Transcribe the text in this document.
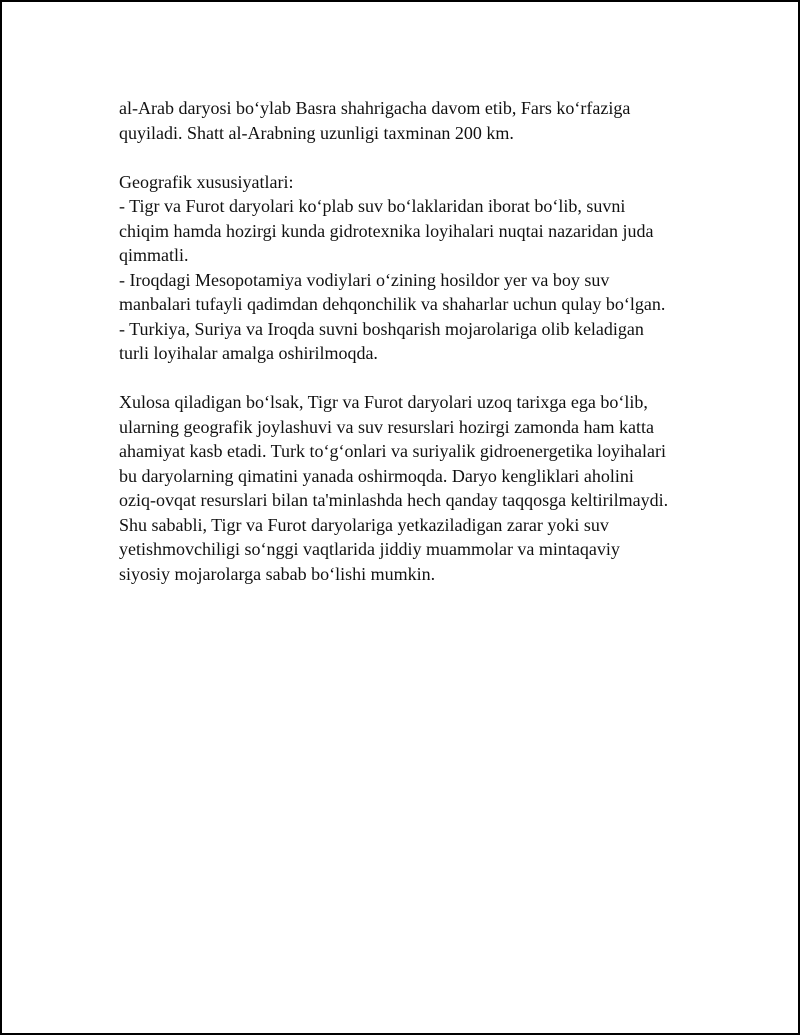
al-Arab daryosi boʻylab Basra shahrigacha davom etib, Fars koʻrfaziga
quyiladi. Shatt al-Arabning uzunligi taxminan 200 km.
Geografik xususiyatlari:
- Tigr va Furot daryolari koʻplab suv boʻlaklaridan iborat boʻlib, suvni
chiqim hamda hozirgi kunda gidrotexnika loyihalari nuqtai nazaridan juda
qimmatli.
- Iroqdagi Mesopotamiya vodiylari oʻzining hosildor yer va boy suv
manbalari tufayli qadimdan dehqonchilik va shaharlar uchun qulay boʻlgan.
- Turkiya, Suriya va Iroqda suvni boshqarish mojarolariga olib keladigan
turli loyihalar amalga oshirilmoqda.
Xulosa qiladigan boʻlsak, Tigr va Furot daryolari uzoq tarixga ega boʻlib,
ularning geografik joylashuvi va suv resurslari hozirgi zamonda ham katta
ahamiyat kasb etadi. Turk toʻgʻonlari va suriyalik gidroenergetika loyihalari
bu daryolarning qimatini yanada oshirmoqda. Daryo kengliklari aholini
oziq-ovqat resurslari bilan ta'minlashda hech qanday taqqosga keltirilmaydi.
Shu sababli, Tigr va Furot daryolariga yetkaziladigan zarar yoki suv
yetishmovchiligi soʻnggi vaqtlarida jiddiy muammolar va mintaqaviy
siyosiy mojarolarga sabab boʻlishi mumkin.
